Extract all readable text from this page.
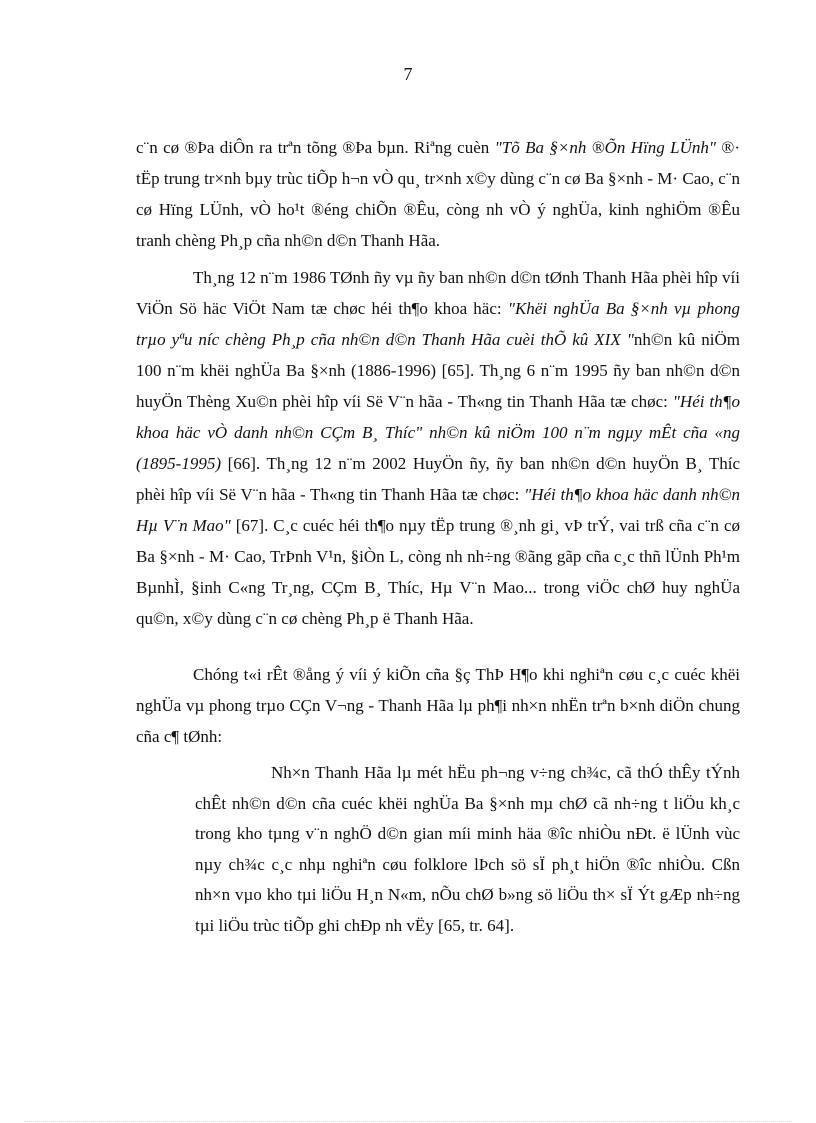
7

c¨n cø ®Þa diÔn ra trªn tõng ®Þa bµn. Riªng cuèn "Tõ Ba §×nh ®Õn Hïng LÜnh" ®· tËp trung tr×nh bµy trùc tiÕp h¬n vÒ qu¸ tr×nh x©y dùng c¨n cø Ba §×nh - M· Cao, c¨n cø Hïng LÜnh, vÒ ho¹t ®éng chiÕn ®Êu, còng nh vÒ ý nghÜa, kinh nghiÖm ®Êu tranh chèng Ph¸p cña nh©n d©n Thanh Hãa.

Th¸ng 12 n¨m 1986 TØnh ñy vµ ñy ban nh©n d©n tØnh Thanh Hãa phèi hîp víi ViÖn Sö häc ViÖt Nam tæ chøc héi th¶o khoa häc: "Khëi nghÜa Ba §×nh vµ phong trµo yªu níc chèng Ph¸p cña nh©n d©n Thanh Hãa cuèi thÕ kû XIX "nh©n kû niÖm 100 n¨m khëi nghÜa Ba §×nh (1886-1996) [65]. Th¸ng 6 n¨m 1995 ñy ban nh©n d©n huyÖn Thèng Xu©n phèi hîp víi Së V¨n hãa - Th«ng tin Thanh Hãa tæ chøc: "Héi th¶o khoa häc vÒ danh nh©n CÇm B¸ Thíc" nh©n kû niÖm 100 n¨m ngµy mÊt cña «ng (1895-1995) [66]. Th¸ng 12 n¨m 2002 HuyÖn ñy, ñy ban nh©n d©n huyÖn B¸ Thíc phèi hîp víi Së V¨n hãa - Th«ng tin Thanh Hãa tæ chøc: "Héi th¶o khoa häc danh nh©n Hµ V¨n Mao" [67]. C¸c cuéc héi th¶o nµy tËp trung ®¸nh gi¸ vÞ trÝ, vai trß cña c¨n cø Ba §×nh - M· Cao, TrÞnh V¹n, §iÒn L, còng nh nh÷ng ®ãng gãp cña c¸c thñ lÜnh Ph¹m BµnhÌ, §inh C«ng Tr¸ng, CÇm B¸ Thíc, Hµ V¨n Mao... trong viÖc chØ huy nghÜa qu©n, x©y dùng c¨n cø chèng Ph¸p ë Thanh Hãa.

Chóng t«i rÊt ®ång ý víi ý kiÕn cña §ç ThÞ H¶o khi nghiªn cøu c¸c cuéc khëi nghÜa vµ phong trµo CÇn V¬ng - Thanh Hãa lµ ph¶i nh×n nhËn trªn b×nh diÖn chung cña c¶ tØnh:

Nh×n Thanh Hãa lµ mét hËu ph¬ng v÷ng ch¾c, cã thÓ thÊy tÝnh chÊt nh©n d©n cña cuéc khëi nghÜa Ba §×nh mµ chØ cã nh÷ng t liÖu kh¸c trong kho tµng v¨n nghÖ d©n gian míi minh häa ®îc nhiÒu nÐt. ë lÜnh vùc nµy ch¾c c¸c nhµ nghiªn cøu folklore lÞch sö sÏ ph¸t hiÖn ®îc nhiÒu. Cßn nh×n vµo kho tµi liÖu H¸n N«m, nÕu chØ b»ng sö liÖu th× sÏ Ýt gÆp nh÷ng tµi liÖu trùc tiÕp ghi chÐp nh vËy [65, tr. 64].
